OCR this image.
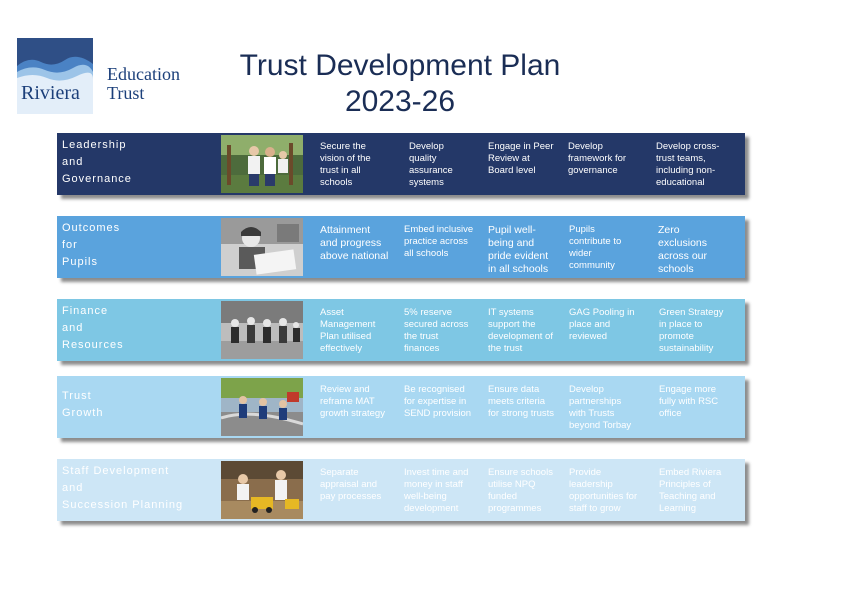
Riviera
Education
Trust
Trust Development Plan
2023-26
Leadership
and
Governance
Secure the vision of the trust in all schools
Develop quality assurance systems
Engage in Peer Review at Board level
Develop framework for governance
Develop cross-trust teams, including non-educational
Outcomes
for
Pupils
Attainment and progress above national
Embed inclusive practice across all schools
Pupil well-being and pride evident in all schools
Pupils contribute to wider community
Zero exclusions across our schools
Finance
and
Resources
Asset Management Plan utilised effectively
5% reserve secured across the trust finances
IT systems support the development of the trust
GAG Pooling in place and reviewed
Green Strategy in place to promote sustainability
Trust
Growth
Review and reframe MAT growth strategy
Be recognised for expertise in SEND provision
Ensure data meets criteria for strong trusts
Develop partnerships with Trusts beyond Torbay
Engage more fully with RSC office
Staff Development
and
Succession Planning
Separate appraisal and pay processes
Invest time and money in staff well-being development
Ensure schools utilise NPQ funded programmes
Provide leadership opportunities for staff to grow
Embed Riviera Principles of Teaching and Learning
